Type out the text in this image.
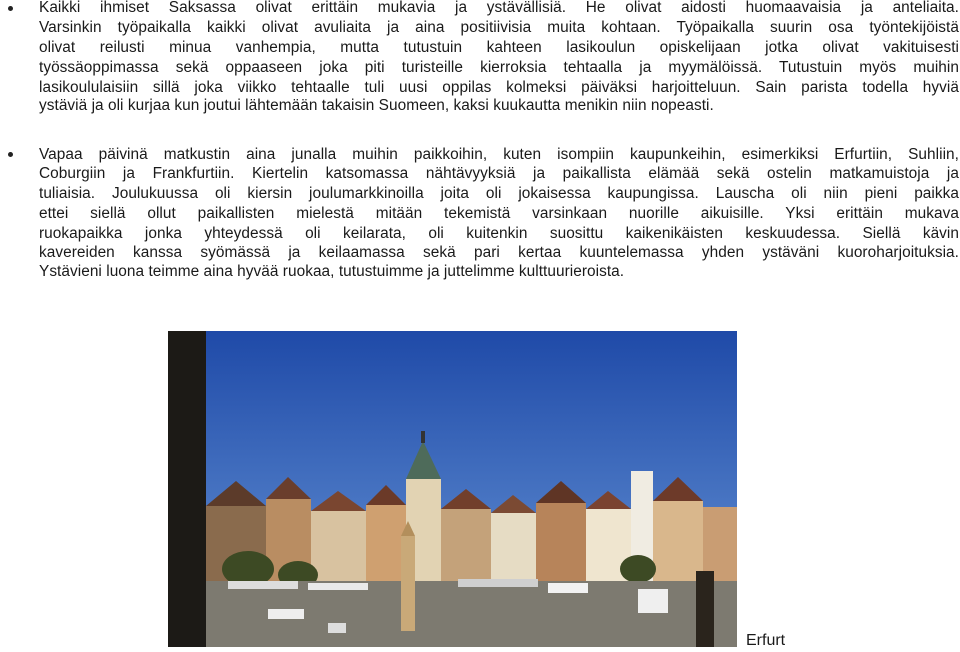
Kaikki ihmiset Saksassa olivat erittäin mukavia ja ystävällisiä. He olivat aidosti huomaavaisia ja anteliaita.
Varsinkin työpaikalla kaikki olivat avuliaita ja aina positiivisia muita kohtaan. Työpaikalla suurin osa työntekijöistä
olivat reilusti minua vanhempia, mutta tutustuin kahteen lasikoulun opiskelijaan jotka olivat vakituisesti
työssäoppimassa sekä oppaaseen joka piti turisteille kierroksia tehtaalla ja myymälöissä. Tutustuin myös muihin
lasikoululaisiin sillä joka viikko tehtaalle tuli uusi oppilas kolmeksi päiväksi harjoitteluun. Sain parista todella hyviä
ystäviä ja oli kurjaa kun joutui lähtemään takaisin Suomeen, kaksi kuukautta menikin niin nopeasti.
Vapaa päivinä matkustin aina junalla muihin paikkoihin, kuten isompiin kaupunkeihin, esimerkiksi Erfurtiin, Suhliin,
Coburgiin ja Frankfurtiin. Kiertelin katsomassa nähtävyyksiä ja paikallista elämää sekä ostelin matkamuistoja ja
tuliaisia. Joulukuussa oli kiersin joulumarkkinoilla joita oli jokaisessa kaupungissa. Lauscha oli niin pieni paikka
ettei siellä ollut paikallisten mielestä mitään tekemistä varsinkaan nuorille aikuisille. Yksi erittäin mukava
ruokapaikka jonka yhteydessä oli keilarata, oli kuitenkin suosittu kaikenikäisten keskuudessa. Siellä kävin
kavereiden kanssa syömässä ja keilaamassa sekä pari kertaa kuuntelemassa yhden ystäväni kuoroharjoituksia.
Ystävieni luona teimme aina hyvää ruokaa, tutustuimme ja juttelimme kulttuurieroista.
Erfurt
